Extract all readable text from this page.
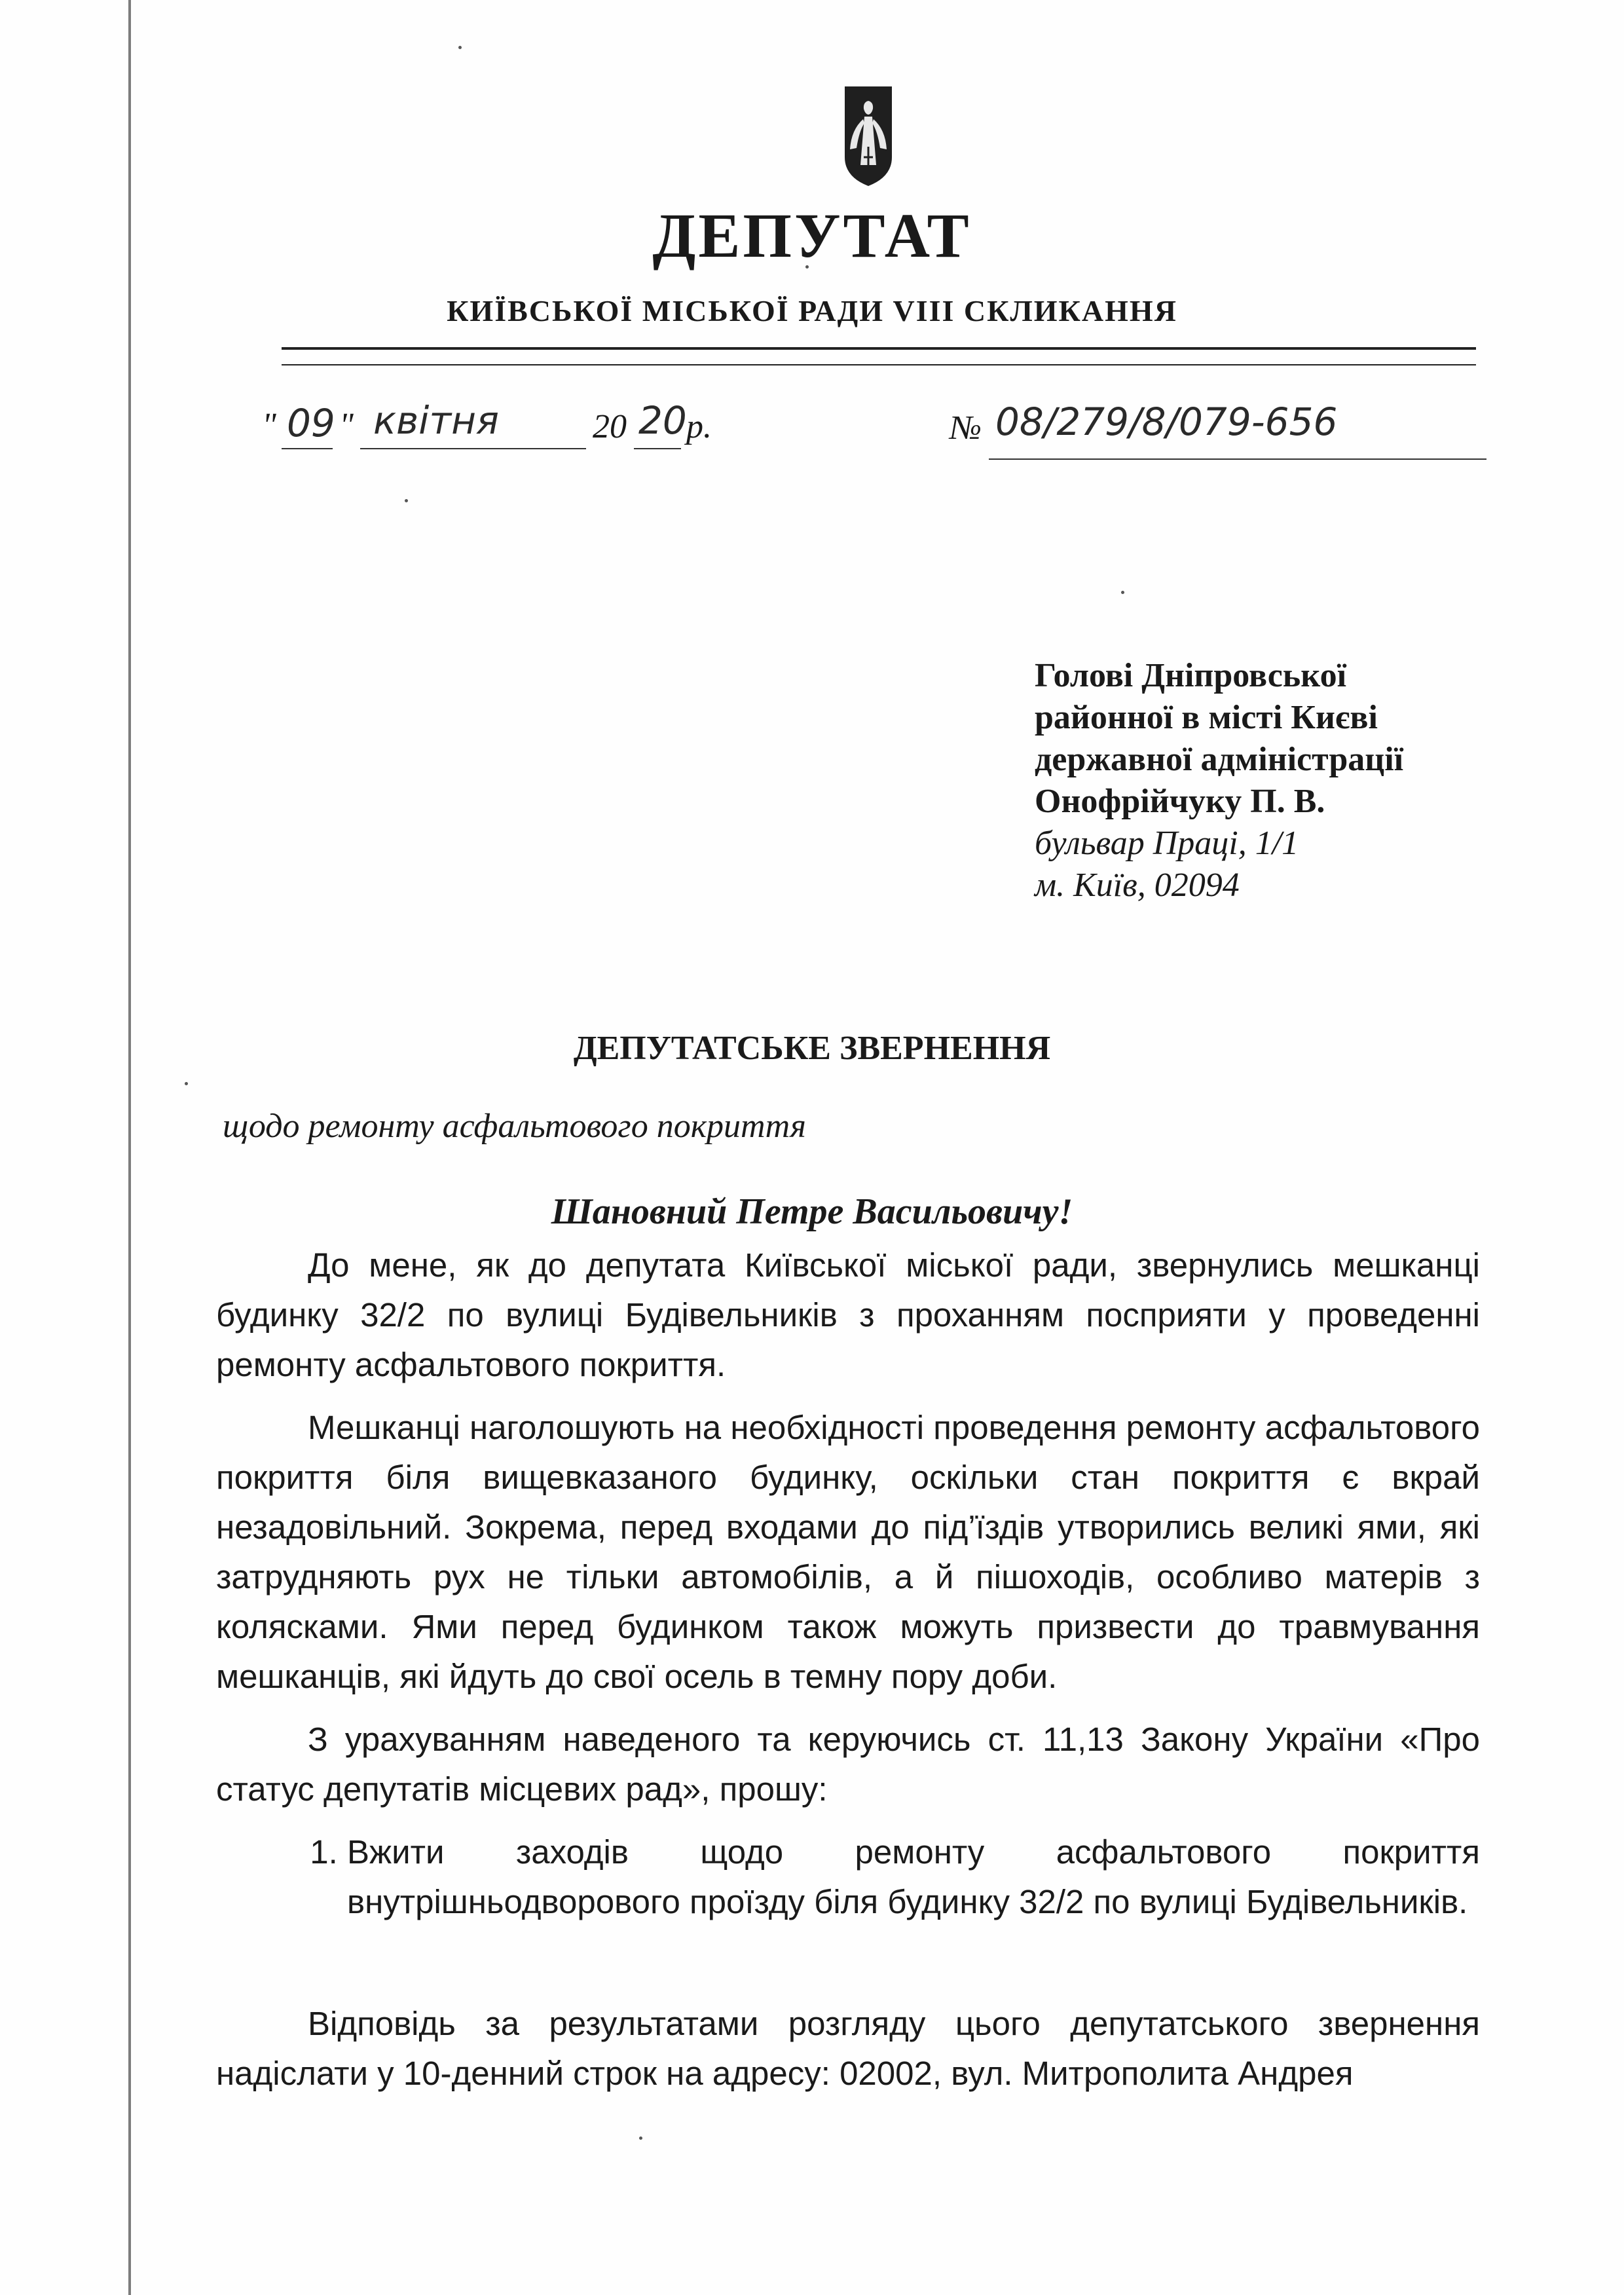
ДЕПУТАТ
КИЇВСЬКОЇ МІСЬКОЇ РАДИ VIII СКЛИКАННЯ
" 09 " квітня	20 20 р.	№ 08/279/8/079-656
Голові Дніпровської
районної в місті Києві
державної адміністрації
Онофрійчуку П. В.
бульвар Праці, 1/1
м. Київ, 02094
ДЕПУТАТСЬКЕ ЗВЕРНЕННЯ
щодо ремонту асфальтового покриття
Шановний Петре Васильовичу!

До мене, як до депутата Київської міської ради, звернулись мешканці будинку 32/2 по вулиці Будівельників з проханням посприяти у проведенні ремонту асфальтового покриття.

Мешканці наголошують на необхідності проведення ремонту асфальтового покриття біля вищевказаного будинку, оскільки стан покриття є вкрай незадовільний. Зокрема, перед входами до під’їздів утворились великі ями, які затрудняють рух не тільки автомобілів, а й пішоходів, особливо матерів з колясками. Ями перед будинком також можуть призвести до травмування мешканців, які йдуть до свої осель в темну пору доби.

З урахуванням наведеного та керуючись ст. 11,13 Закону України «Про статус депутатів місцевих рад», прошу:

1. Вжити заходів щодо ремонту асфальтового покриття внутрішньодворового проїзду біля будинку 32/2 по вулиці Будівельників.

Відповідь за результатами розгляду цього депутатського звернення надіслати у 10-денний строк на адресу: 02002, вул. Митрополита Андрея
